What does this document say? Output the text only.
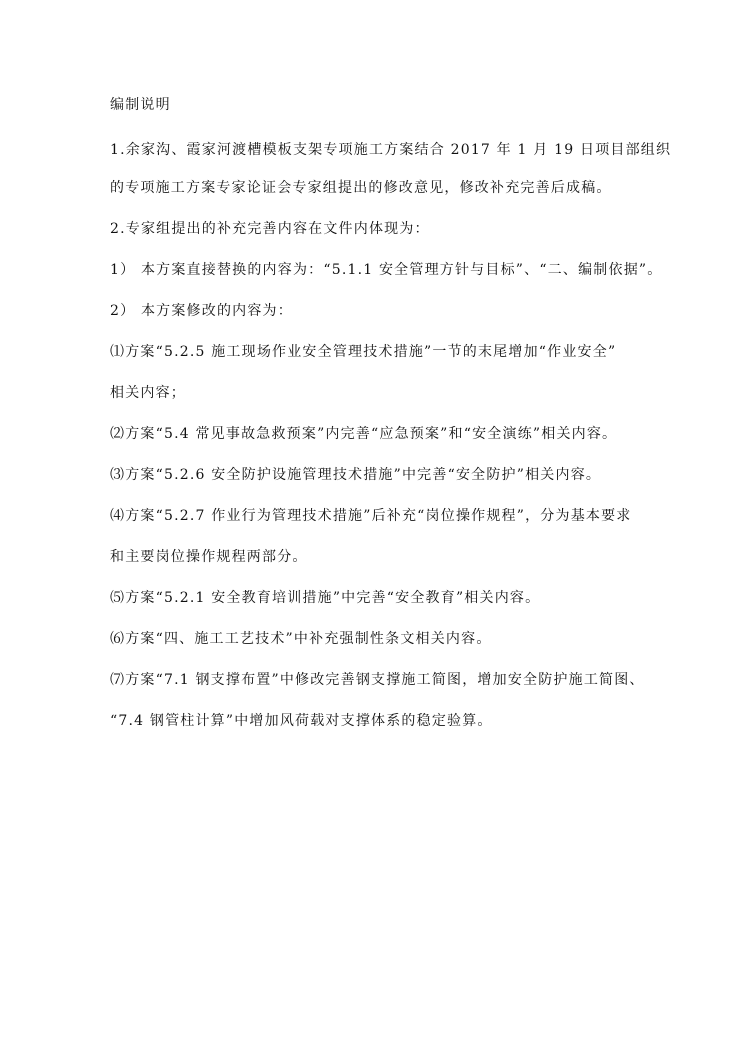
编制说明
1.余家沟、霞家河渡槽模板支架专项施工方案结合 2017 年 1 月 19 日项目部组织
的专项施工方案专家论证会专家组提出的修改意见，修改补充完善后成稿。
2.专家组提出的补充完善内容在文件内体现为：
1） 本方案直接替换的内容为：“5.1.1 安全管理方针与目标”、“二、编制依据”。
2） 本方案修改的内容为：
⑴方案“5.2.5 施工现场作业安全管理技术措施”一节的末尾增加“作业安全”
相关内容；
⑵方案“5.4 常见事故急救预案”内完善“应急预案”和“安全演练”相关内容。
⑶方案“5.2.6 安全防护设施管理技术措施”中完善“安全防护”相关内容。
⑷方案“5.2.7 作业行为管理技术措施”后补充“岗位操作规程”，分为基本要求
和主要岗位操作规程两部分。
⑸方案“5.2.1 安全教育培训措施”中完善“安全教育”相关内容。
⑹方案“四、施工工艺技术”中补充强制性条文相关内容。
⑺方案“7.1 钢支撑布置”中修改完善钢支撑施工简图，增加安全防护施工简图、
“7.4 钢管柱计算”中增加风荷载对支撑体系的稳定验算。
